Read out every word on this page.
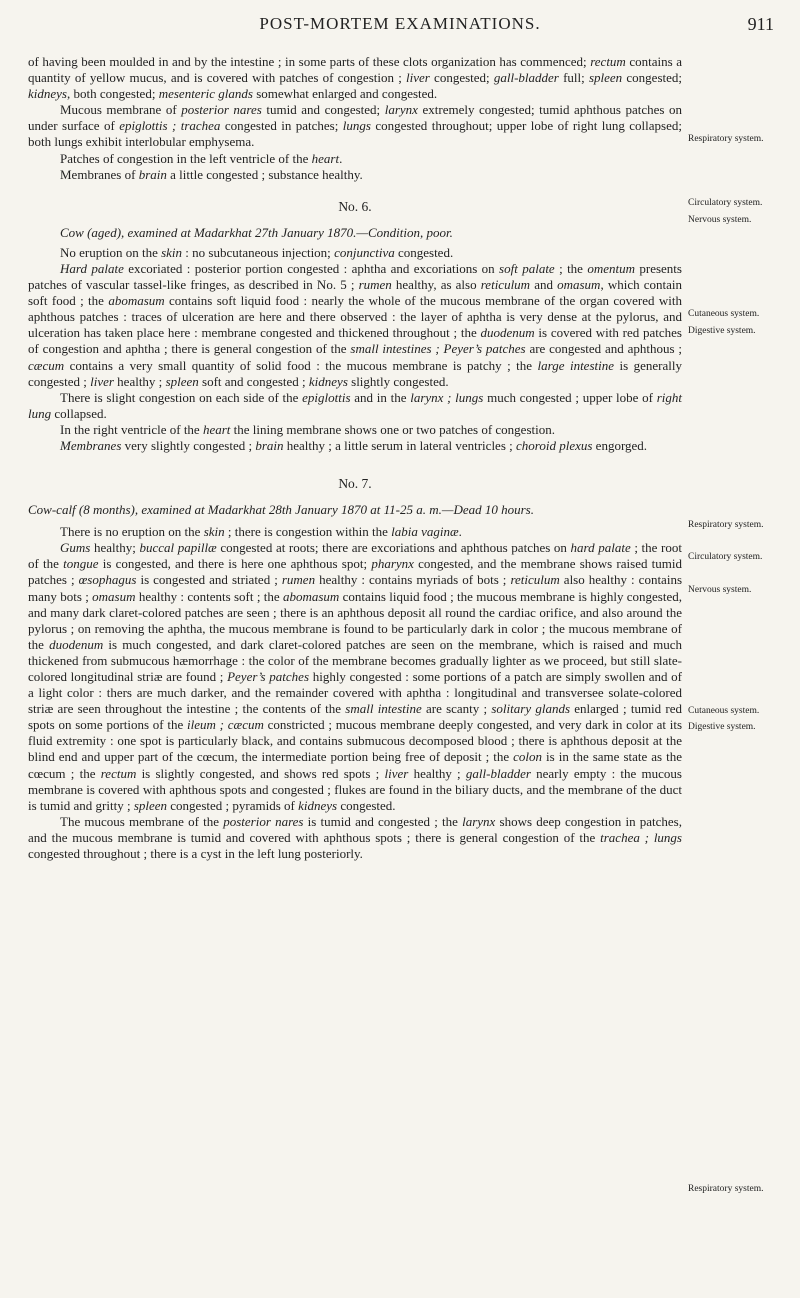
POST-MORTEM EXAMINATIONS.	911
Respiratory system.
Circulatory system.
Nervous system.
Cutaneous system.
Digestive system.
Respiratory system.
Circulatory system.
Nervous system.
Cutaneous system.
Digestive system.
Respiratory system.

of having been moulded in and by the intestine ; in some parts of these clots organization has commenced; rectum contains a quantity of yellow mucus, and is covered with patches of congestion ; liver congested; gall-bladder full; spleen congested; kidneys, both congested; mesenteric glands somewhat enlarged and congested.

Mucous membrane of posterior nares tumid and congested; larynx extremely congested; tumid aphthous patches on under surface of epiglottis ; trachea congested in patches; lungs congested throughout; upper lobe of right lung collapsed; both lungs exhibit interlobular emphysema.

Patches of congestion in the left ventricle of the heart.

Membranes of brain a little congested ; substance healthy.

No. 6.

Cow (aged), examined at Madarkhat 27th January 1870.—Condition, poor.

No eruption on the skin : no subcutaneous injection; conjunctiva congested.

Hard palate excoriated : posterior portion congested : aphtha and excoriations on soft palate ; the omentum presents patches of vascular tassel-like fringes, as described in No. 5 ; rumen healthy, as also reticulum and omasum, which contain soft food ; the abomasum contains soft liquid food : nearly the whole of the mucous membrane of the organ covered with aphthous patches : traces of ulceration are here and there observed : the layer of aphtha is very dense at the pylorus, and ulceration has taken place here : membrane congested and thickened throughout ; the duodenum is covered with red patches of congestion and aphtha ; there is general congestion of the small intestines ; Peyer’s patches are congested and aphthous ; cæcum contains a very small quantity of solid food : the mucous membrane is patchy ; the large intestine is generally congested ; liver healthy ; spleen soft and congested ; kidneys slightly congested.

There is slight congestion on each side of the epiglottis and in the larynx ; lungs much congested ; upper lobe of right lung collapsed.

In the right ventricle of the heart the lining membrane shows one or two patches of congestion.

Membranes very slightly congested ; brain healthy ; a little serum in lateral ventricles ; choroid plexus engorged.

No. 7.

Cow-calf (8 months), examined at Madarkhat 28th January 1870 at 11-25 a. m.—Dead 10 hours.

There is no eruption on the skin ; there is congestion within the labia vaginæ.

Gums healthy; buccal papillæ congested at roots; there are excoriations and aphthous patches on hard palate ; the root of the tongue is congested, and there is here one aphthous spot; pharynx congested, and the membrane shows raised tumid patches ; œsophagus is congested and striated ; rumen healthy : contains myriads of bots ; reticulum also healthy : contains many bots ; omasum healthy : contents soft ; the abomasum contains liquid food ; the mucous membrane is highly congested, and many dark claret-colored patches are seen ; there is an aphthous deposit all round the cardiac orifice, and also around the pylorus ; on removing the aphtha, the mucous membrane is found to be particularly dark in color ; the mucous membrane of the duodenum is much congested, and dark claret-colored patches are seen on the membrane, which is raised and much thickened from submucous hæmorrhage : the color of the membrane becomes gradually lighter as we proceed, but still slate-colored longitudinal striæ are found ; Peyer’s patches highly congested : some portions of a patch are simply swollen and of a light color : thers are much darker, and the remainder covered with aphtha : longitudinal and transversee solate-colored striæ are seen throughout the intestine ; the contents of the small intestine are scanty ; solitary glands enlarged ; tumid red spots on some portions of the ileum ; cæcum constricted ; mucous membrane deeply congested, and very dark in color at its fluid extremity : one spot is particularly black, and contains submucous decomposed blood ; there is aphthous deposit at the blind end and upper part of the cœcum, the intermediate portion being free of deposit ; the colon is in the same state as the cœcum ; the rectum is slightly congested, and shows red spots ; liver healthy ; gall-bladder nearly empty : the mucous membrane is covered with aphthous spots and congested ; flukes are found in the biliary ducts, and the membrane of the duct is tumid and gritty ; spleen congested ; pyramids of kidneys congested.

The mucous membrane of the posterior nares is tumid and congested ; the larynx shows deep congestion in patches, and the mucous membrane is tumid and covered with aphthous spots ; there is general congestion of the trachea ; lungs congested throughout ; there is a cyst in the left lung posteriorly.
